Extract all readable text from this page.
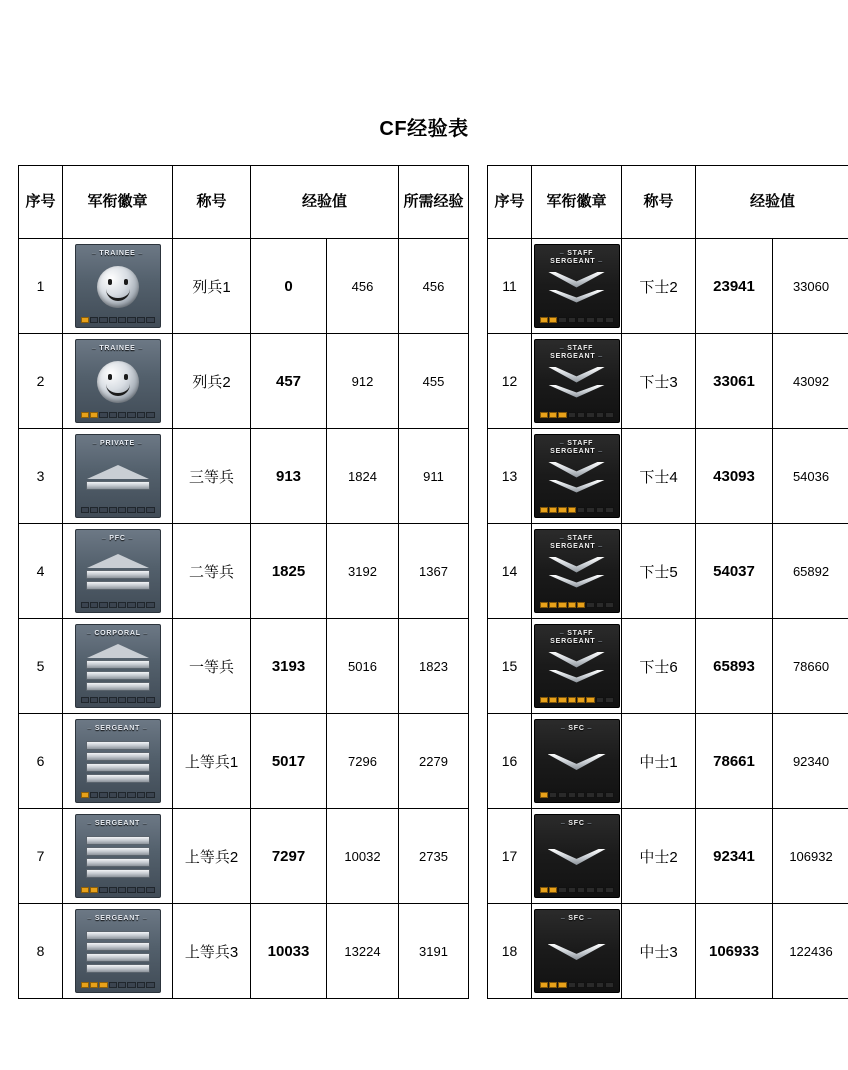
CF经验表
序号	军衔徽章	称号	经验值		所需经验
1	– TRAINEE –	列兵1	0	456	456
2	– TRAINEE –	列兵2	457	912	455
3	– PRIVATE –	三等兵	913	1824	911
4	– PFC –	二等兵	1825	3192	1367
5	– CORPORAL –	一等兵	3193	5016	1823
6	– SERGEANT –	上等兵1	5017	7296	2279
7	– SERGEANT –	上等兵2	7297	10032	2735
8	– SERGEANT –	上等兵3	10033	13224	3191
序号	军衔徽章	称号	经验值	
11	– STAFF
SERGEANT –	下士2	23941	33060
12	– STAFF
SERGEANT –	下士3	33061	43092
13	– STAFF
SERGEANT –	下士4	43093	54036
14	– STAFF
SERGEANT –	下士5	54037	65892
15	– STAFF
SERGEANT –	下士6	65893	78660
16	– SFC –	中士1	78661	92340
17	– SFC –	中士2	92341	106932
18	– SFC –	中士3	106933	122436
